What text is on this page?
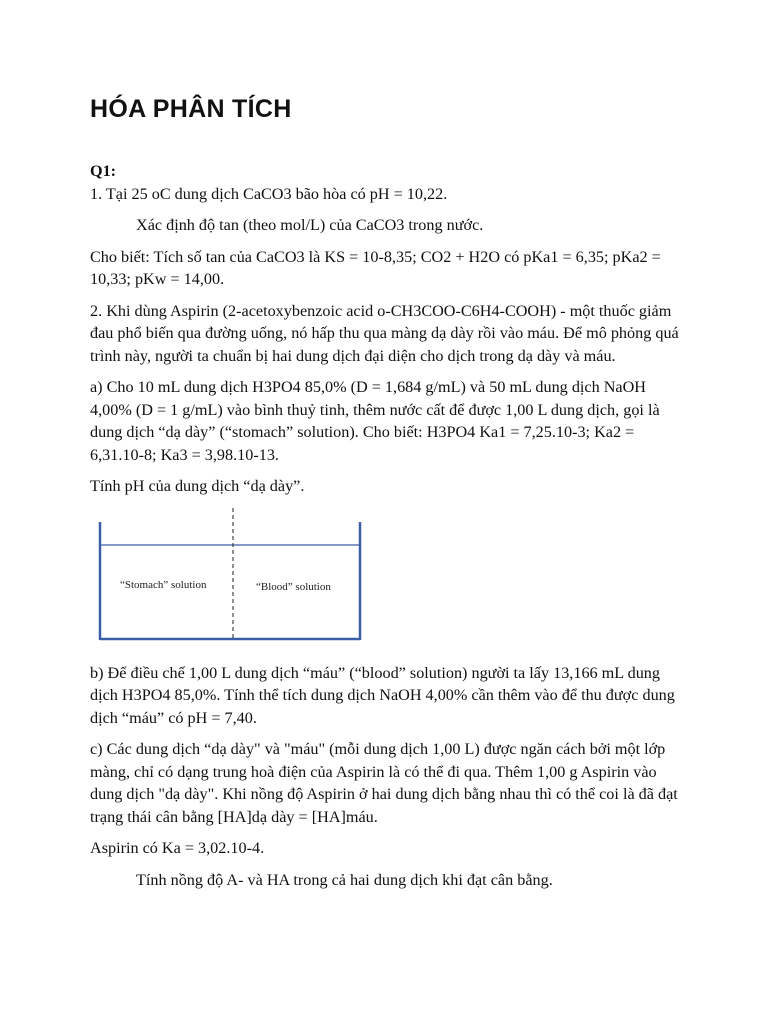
HÓA PHÂN TÍCH

Q1:

1. Tại 25 oC dung dịch CaCO3 bão hòa có pH = 10,22.

Xác định độ tan (theo mol/L) của CaCO3 trong nước.

Cho biết: Tích số tan của CaCO3 là KS = 10-8,35; CO2 + H2O có pKa1 = 6,35; pKa2 = 10,33; pKw = 14,00.

2. Khi dùng Aspirin (2-acetoxybenzoic acid o-CH3COO-C6H4-COOH) - một thuốc giảm đau phổ biến qua đường uống, nó hấp thu qua màng dạ dày rồi vào máu. Để mô phỏng quá trình này, người ta chuẩn bị hai dung dịch đại diện cho dịch trong dạ dày và máu.

a) Cho 10 mL dung dịch H3PO4 85,0% (D = 1,684 g/mL) và 50 mL dung dịch NaOH 4,00% (D = 1 g/mL) vào bình thuỷ tinh, thêm nước cất để được 1,00 L dung dịch, gọi là dung dịch “dạ dày” (“stomach” solution). Cho biết: H3PO4 Ka1 = 7,25.10-3; Ka2 = 6,31.10-8; Ka3 = 3,98.10-13.

Tính pH của dung dịch “dạ dày”.

“Stomach” solution	“Blood” solution

b) Để điều chế 1,00 L dung dịch “máu” (“blood” solution) người ta lấy 13,166 mL dung dịch H3PO4 85,0%. Tính thể tích dung dịch NaOH 4,00% cần thêm vào để thu được dung dịch “máu” có pH = 7,40.

c) Các dung dịch “dạ dày" và "máu" (mỗi dung dịch 1,00 L) được ngăn cách bởi một lớp màng, chỉ có dạng trung hoà điện của Aspirin là có thể đi qua. Thêm 1,00 g Aspirin vào dung dịch "dạ dày". Khi nồng độ Aspirin ở hai dung dịch bằng nhau thì có thể coi là đã đạt trạng thái cân bằng [HA]dạ dày = [HA]máu.

Aspirin có Ka = 3,02.10-4.

Tính nồng độ A- và HA trong cả hai dung dịch khi đạt cân bằng.
